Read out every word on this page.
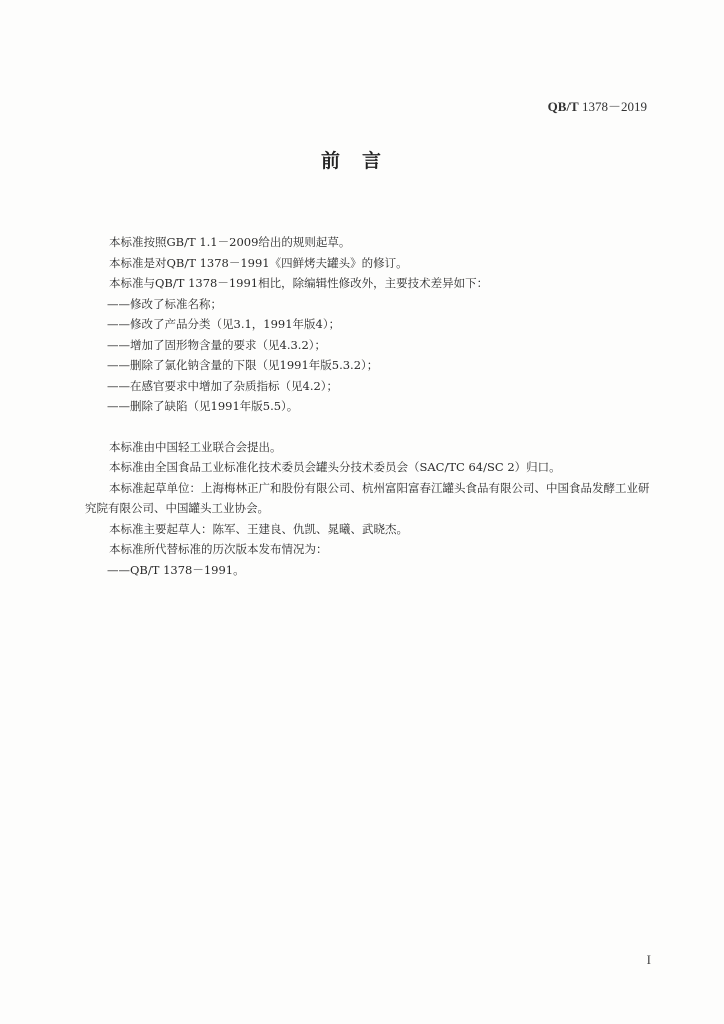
QB/T 1378－2019
前言

本标准按照GB/T 1.1－2009给出的规则起草。

本标准是对QB/T 1378－1991《四鲜烤夫罐头》的修订。

本标准与QB/T 1378－1991相比，除编辑性修改外，主要技术差异如下：

——修改了标准名称；

——修改了产品分类（见3.1，1991年版4）；

——增加了固形物含量的要求（见4.3.2）；

——删除了氯化钠含量的下限（见1991年版5.3.2）；

——在感官要求中增加了杂质指标（见4.2）；

——删除了缺陷（见1991年版5.5）。

本标准由中国轻工业联合会提出。

本标准由全国食品工业标准化技术委员会罐头分技术委员会（SAC/TC 64/SC 2）归口。

本标准起草单位：上海梅林正广和股份有限公司、杭州富阳富春江罐头食品有限公司、中国食品发酵工业研究院有限公司、中国罐头工业协会。

本标准主要起草人：陈军、王建良、仇凯、晁曦、武晓杰。

本标准所代替标准的历次版本发布情况为：

——QB/T 1378－1991。

I
